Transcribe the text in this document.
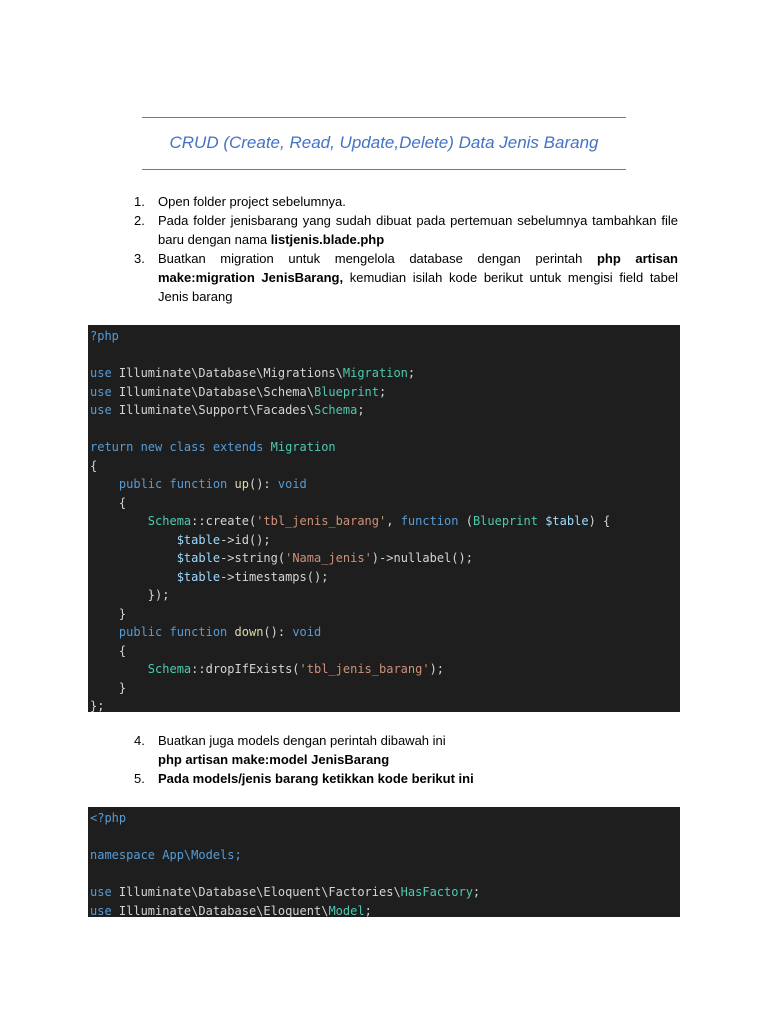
CRUD (Create, Read, Update,Delete) Data Jenis Barang
1. Open folder project sebelumnya.
2. Pada folder jenisbarang yang sudah dibuat pada pertemuan sebelumnya tambahkan file baru dengan nama listjenis.blade.php
3. Buatkan migration untuk mengelola database dengan perintah php artisan make:migration JenisBarang, kemudian isilah kode berikut untuk mengisi field tabel Jenis barang
?php
use Illuminate\Database\Migrations\Migration;
use Illuminate\Database\Schema\Blueprint;
use Illuminate\Support\Facades\Schema;
return new class extends Migration
{
public function up(): void
{
Schema::create('tbl_jenis_barang', function (Blueprint $table) {
$table->id();
$table->string('Nama_jenis')->nullabel();
$table->timestamps();
});
}
public function down(): void
{
Schema::dropIfExists('tbl_jenis_barang');
}
};
4. Buatkan juga models dengan perintah dibawah ini
php artisan make:model JenisBarang
5. Pada models/jenis barang ketikkan kode berikut ini
<?php
namespace App\Models;
use Illuminate\Database\Eloquent\Factories\HasFactory;
use Illuminate\Database\Eloquent\Model;
